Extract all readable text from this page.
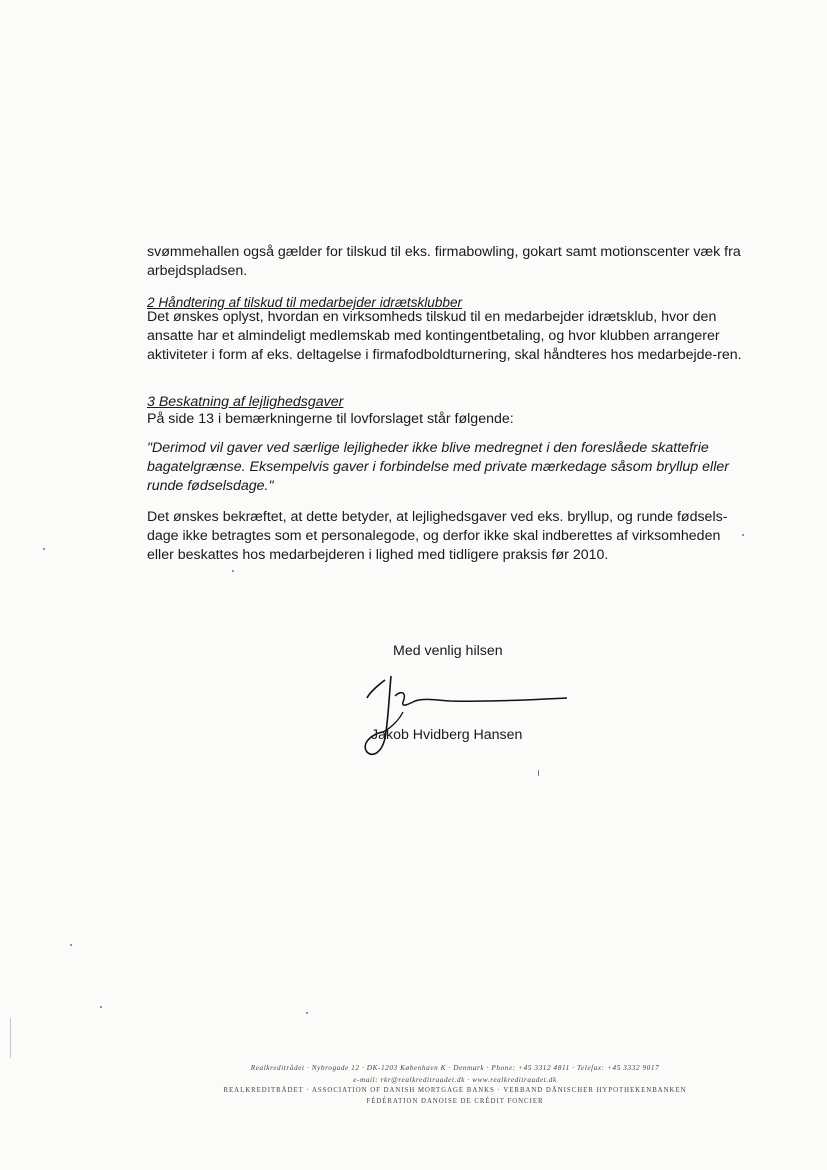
svømmehallen også gælder for tilskud til eks. firmabowling, gokart samt motionscenter væk fra arbejdspladsen.

2 Håndtering af tilskud til medarbejder idrætsklubber

Det ønskes oplyst, hvordan en virksomheds tilskud til en medarbejder idrætsklub, hvor den ansatte har et almindeligt medlemskab med kontingentbetaling, og hvor klubben arrangerer aktiviteter i form af eks. deltagelse i firmafodboldturnering, skal håndteres hos medarbejde-ren.

3 Beskatning af lejlighedsgaver

På side 13 i bemærkningerne til lovforslaget står følgende:

"Derimod vil gaver ved særlige lejligheder ikke blive medregnet i den foreslåede skattefrie bagatelgrænse. Eksempelvis gaver i forbindelse med private mærkedage såsom bryllup eller runde fødselsdage."

Det ønskes bekræftet, at dette betyder, at lejlighedsgaver ved eks. bryllup, og runde fødsels-dage ikke betragtes som et personalegode, og derfor ikke skal indberettes af virksomheden eller beskattes hos medarbejderen i lighed med tidligere praksis før 2010.

Med venlig hilsen
Jakob Hvidberg Hansen
Realkreditrådet · Nybrogade 12 · DK-1203 København K · Denmark · Phone: +45 3312 4811 · Telefax: +45 3332 9017
e-mail: rkr@realkreditraadet.dk · www.realkreditraadet.dk
REALKREDITRÅDET · ASSOCIATION OF DANISH MORTGAGE BANKS · VERBAND DÄNISCHER HYPOTHEKENBANKEN
FÉDÉRATION DANOISE DE CRÉDIT FONCIER
